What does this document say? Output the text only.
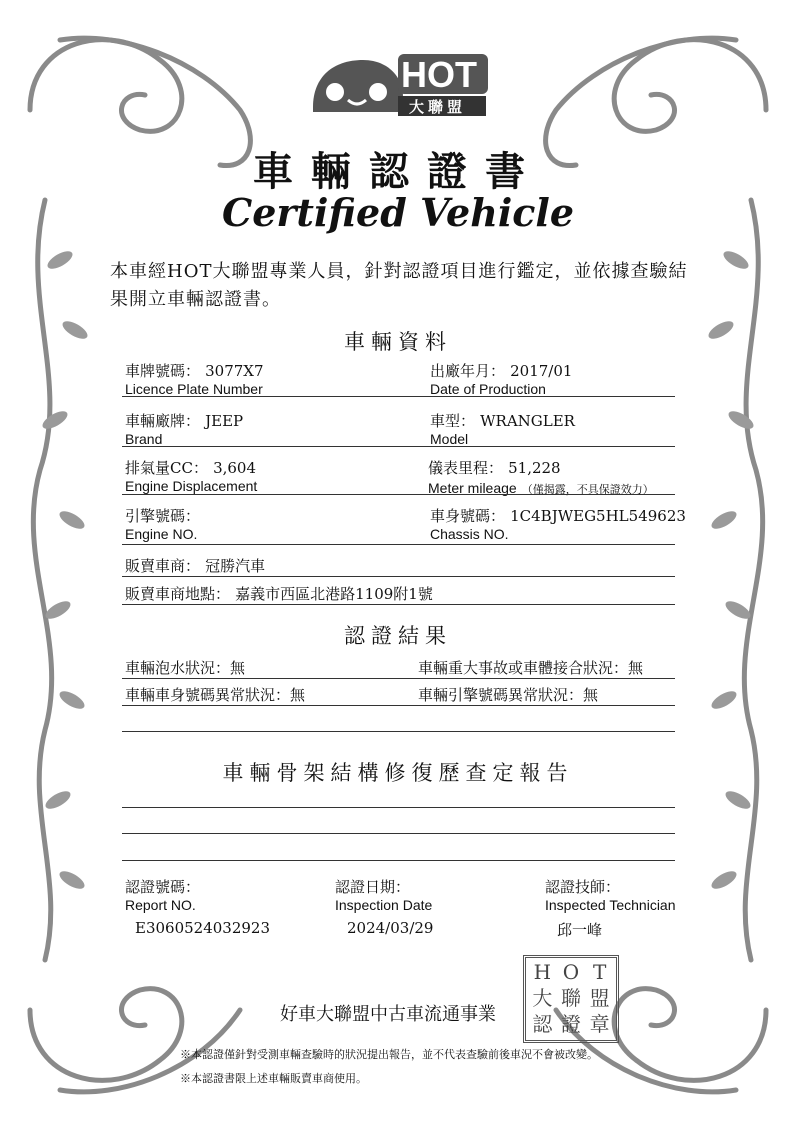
HOT
大聯盟
車輛認證書
Certified Vehicle
本車經HOT大聯盟專業人員，針對認證項目進行鑑定，並依據查驗結果開立車輛認證書。
車輛資料
車牌號碼： 3077X7
Licence Plate Number
出廠年月： 2017/01
Date of Production
車輛廠牌： JEEP
Brand
車型： WRANGLER
Model
排氣量CC： 3,604
Engine Displacement
儀表里程： 51,228
Meter mileage （僅揭露，不具保證效力）
引擎號碼：
Engine NO.
車身號碼： 1C4BJWEG5HL549623
Chassis NO.
販賣車商： 冠勝汽車
販賣車商地點： 嘉義市西區北港路1109附1號
認證結果
車輛泡水狀況：無	車輛重大事故或車體接合狀況：無
車輛車身號碼異常狀況：無	車輛引擎號碼異常狀況：無
車輛骨架結構修復歷查定報告
認證號碼：
Report NO.
E3060524032923
認證日期：
Inspection Date
2024/03/29
認證技師：
Inspected Technician
邱一峰
好車大聯盟中古車流通事業
H O T
大 聯 盟
認 證 章
※本認證僅針對受測車輛查驗時的狀況提出報告，並不代表查驗前後車況不會被改變。
※本認證書限上述車輛販賣車商使用。
